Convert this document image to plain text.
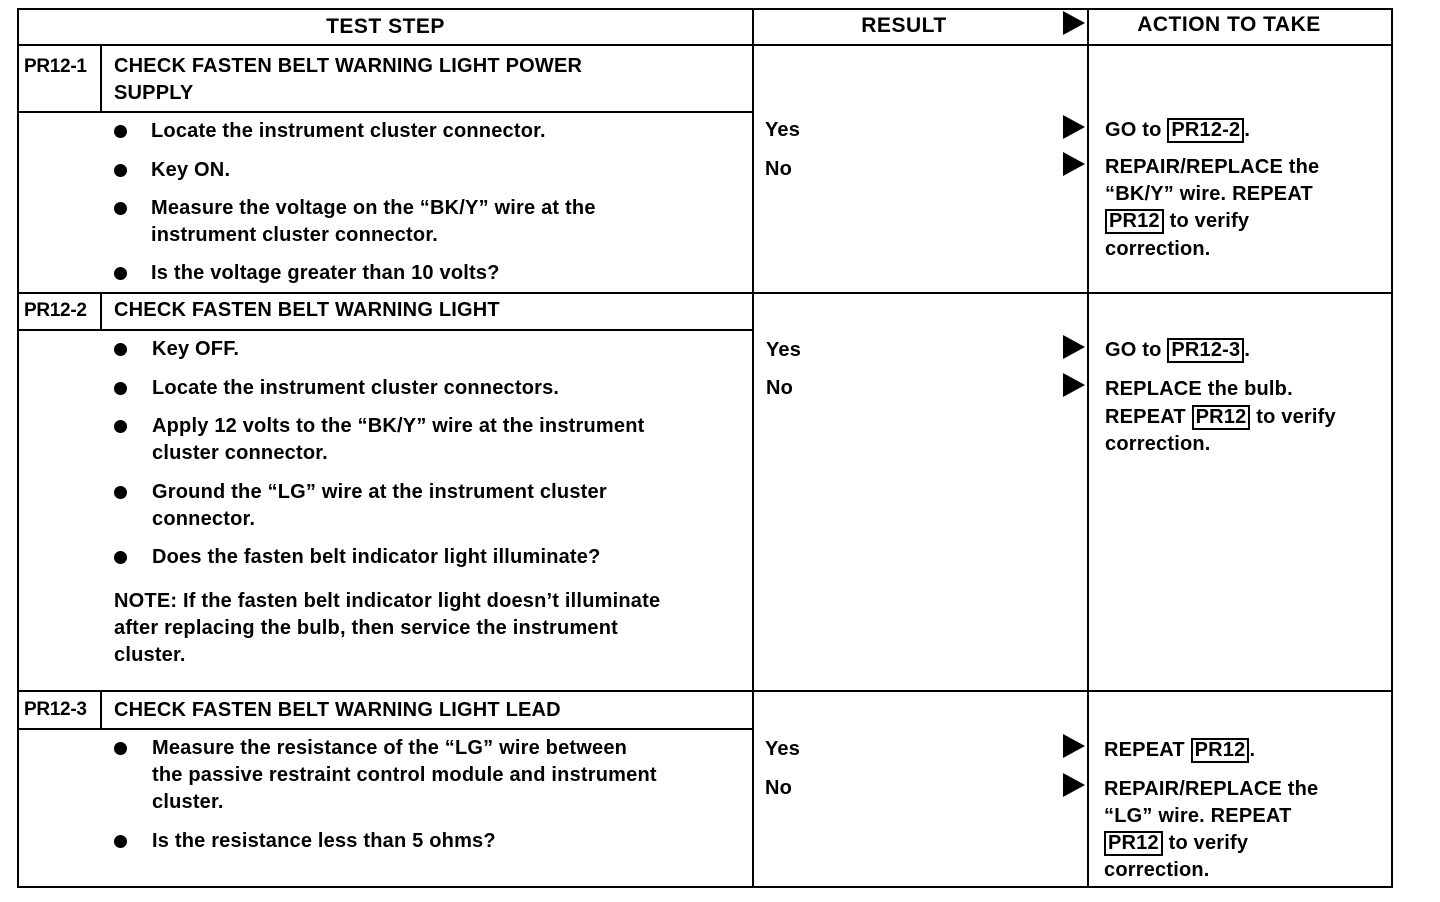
TEST STEP	RESULT	ACTION TO TAKE
PR12-1 CHECK FASTEN BELT WARNING LIGHT POWER
SUPPLY
Locate the instrument cluster connector.
Key ON.
Measure the voltage on the “BK/Y” wire at the
instrument cluster connector.
Is the voltage greater than 10 volts?
Yes
No
GO to PR12-2 .
REPAIR/REPLACE the
“BK/Y” wire. REPEAT
PR12 to verify
correction.
PR12-2 CHECK FASTEN BELT WARNING LIGHT
Key OFF.
Locate the instrument cluster connectors.
Apply 12 volts to the “BK/Y” wire at the instrument
cluster connector.
Ground the “LG” wire at the instrument cluster
connector.
Does the fasten belt indicator light illuminate?
NOTE: If the fasten belt indicator light doesn’t illuminate
after replacing the bulb, then service the instrument
cluster.
Yes
No
GO to PR12-3 .
REPLACE the bulb.
REPEAT PR12 to verify
correction.
PR12-3 CHECK FASTEN BELT WARNING LIGHT LEAD
Measure the resistance of the “LG” wire between
the passive restraint control module and instrument
cluster.
Is the resistance less than 5 ohms?
Yes
No
REPEAT PR12 .
REPAIR/REPLACE the
“LG” wire. REPEAT
PR12 to verify
correction.
